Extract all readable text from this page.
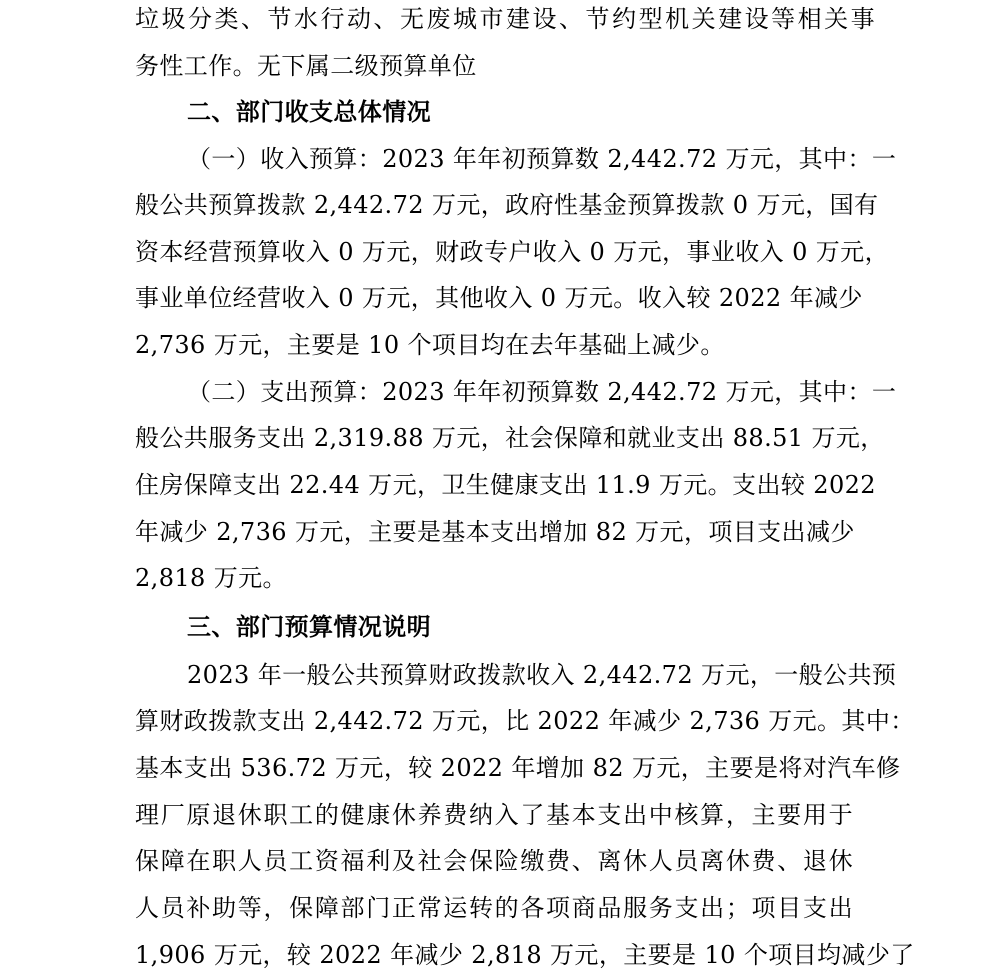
垃圾分类、节水行动、无废城市建设、节约型机关建设等相关事
务性工作。无下属二级预算单位
二、部门收支总体情况
（一）收入预算：2023 年年初预算数 2,442.72 万元，其中：一
般公共预算拨款 2,442.72 万元，政府性基金预算拨款 0 万元，国有
资本经营预算收入 0 万元，财政专户收入 0 万元，事业收入 0 万元，
事业单位经营收入 0 万元，其他收入 0 万元。收入较 2022 年减少
2,736 万元，主要是 10 个项目均在去年基础上减少。
（二）支出预算：2023 年年初预算数 2,442.72 万元，其中：一
般公共服务支出 2,319.88 万元，社会保障和就业支出 88.51 万元，
住房保障支出 22.44 万元，卫生健康支出 11.9 万元。支出较 2022
年减少 2,736 万元，主要是基本支出增加 82 万元，项目支出减少
2,818 万元。
三、部门预算情况说明
2023 年一般公共预算财政拨款收入 2,442.72 万元，一般公共预
算财政拨款支出 2,442.72 万元，比 2022 年减少 2,736 万元。其中：
基本支出 536.72 万元，较 2022 年增加 82 万元，主要是将对汽车修
理厂原退休职工的健康休养费纳入了基本支出中核算，主要用于
保障在职人员工资福利及社会保险缴费、离休人员离休费、退休
人员补助等，保障部门正常运转的各项商品服务支出；项目支出
1,906 万元，较 2022 年减少 2,818 万元，主要是 10 个项目均减少了
